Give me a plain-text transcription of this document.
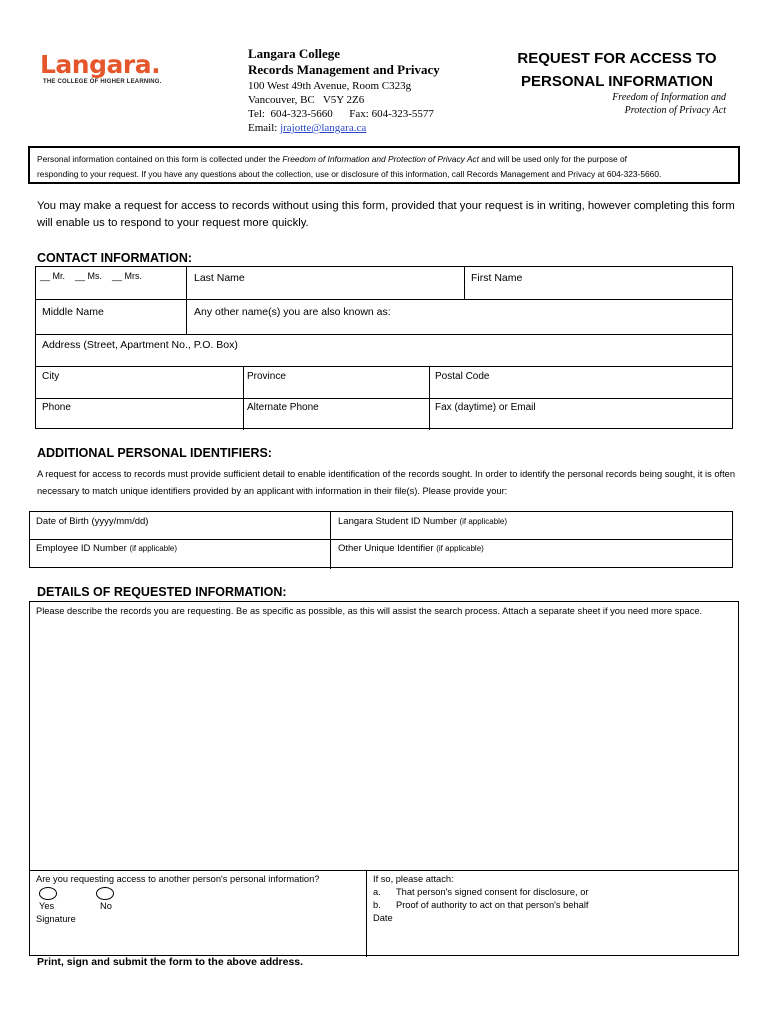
Langara.
THE COLLEGE OF HIGHER LEARNING.
Langara College
Records Management and Privacy
100 West 49th Avenue, Room C323g
Vancouver, BC   V5Y 2Z6
Tel:  604-323-5660      Fax: 604-323-5577
Email: jrajotte@langara.ca
REQUEST FOR ACCESS TO
PERSONAL INFORMATION
Freedom of Information and
Protection of Privacy Act
Personal information contained on this form is collected under the Freedom of Information and Protection of Privacy Act and will be used only for the purpose of
responding to your request. If you have any questions about the collection, use or disclosure of this information, call Records Management and Privacy at 604-323-5660.
You may make a request for access to records without using this form, provided that your request is in writing, however completing this form will enable us to respond to your request more quickly.
CONTACT INFORMATION:
__ Mr.    __ Ms.    __ Mrs.	Last Name	First Name
Middle Name	Any other name(s) you are also known as:
Address (Street, Apartment No., P.O. Box)
City	Province	Postal Code
Phone	Alternate Phone	Fax (daytime) or Email
ADDITIONAL PERSONAL IDENTIFIERS:
A request for access to records must provide sufficient detail to enable identification of the records sought. In order to identify the personal records being sought, it is often necessary to match unique identifiers provided by an applicant with information in their file(s). Please provide your:
Date of Birth (yyyy/mm/dd)	Langara Student ID Number (if applicable)
Employee ID Number (if applicable)	Other Unique Identifier (if applicable)
DETAILS OF REQUESTED INFORMATION:
Please describe the records you are requesting. Be as specific as possible, as this will assist the search process. Attach a separate sheet if you need more space.
Are you requesting access to another person's personal information?
Yes	No
Signature
If so, please attach:
a. That person's signed consent for disclosure, or
b. Proof of authority to act on that person's behalf
Date
Print, sign and submit the form to the above address.
